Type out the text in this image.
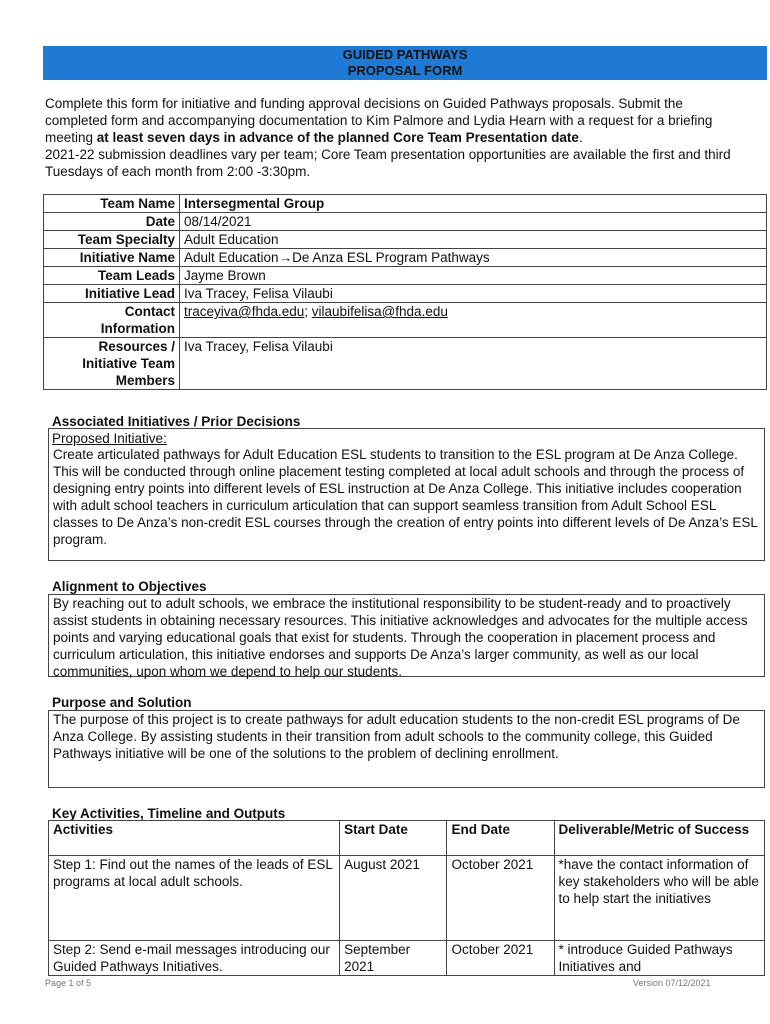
GUIDED PATHWAYS
PROPOSAL FORM
Complete this form for initiative and funding approval decisions on Guided Pathways proposals. Submit the completed form and accompanying documentation to Kim Palmore and Lydia Hearn with a request for a briefing meeting at least seven days in advance of the planned Core Team Presentation date.
2021-22 submission deadlines vary per team; Core Team presentation opportunities are available the first and third Tuesdays of each month from 2:00 -3:30pm.
Team Name	Intersegmental Group
Date	08/14/2021
Team Specialty	Adult Education
Initiative Name	Adult Education→De Anza ESL Program Pathways
Team Leads	Jayme Brown
Initiative Lead	Iva Tracey, Felisa Vilaubi
Contact Information	traceyiva@fhda.edu; vilaubifelisa@fhda.edu
Resources / Initiative Team Members	Iva Tracey, Felisa Vilaubi
Associated Initiatives / Prior Decisions
Proposed Initiative:
Create articulated pathways for Adult Education ESL students to transition to the ESL program at De Anza College. This will be conducted through online placement testing completed at local adult schools and through the process of designing entry points into different levels of ESL instruction at De Anza College. This initiative includes cooperation with adult school teachers in curriculum articulation that can support seamless transition from Adult School ESL classes to De Anza’s non-credit ESL courses through the creation of entry points into different levels of De Anza’s ESL program.
Alignment to Objectives
By reaching out to adult schools, we embrace the institutional responsibility to be student-ready and to proactively assist students in obtaining necessary resources. This initiative acknowledges and advocates for the multiple access points and varying educational goals that exist for students. Through the cooperation in placement process and curriculum articulation, this initiative endorses and supports De Anza’s larger community, as well as our local communities, upon whom we depend to help our students.
Purpose and Solution
The purpose of this project is to create pathways for adult education students to the non-credit ESL programs of De Anza College. By assisting students in their transition from adult schools to the community college, this Guided Pathways initiative will be one of the solutions to the problem of declining enrollment.
Key Activities, Timeline and Outputs
Activities	Start Date	End Date	Deliverable/Metric of Success
Step 1: Find out the names of the leads of ESL programs at local adult schools.	August 2021	October 2021	*have the contact information of key stakeholders who will be able to help start the initiatives
Step 2: Send e-mail messages introducing our Guided Pathways Initiatives.	September 2021	October 2021	* introduce Guided Pathways Initiatives and
Page 1 of 5	Version 07/12/2021
